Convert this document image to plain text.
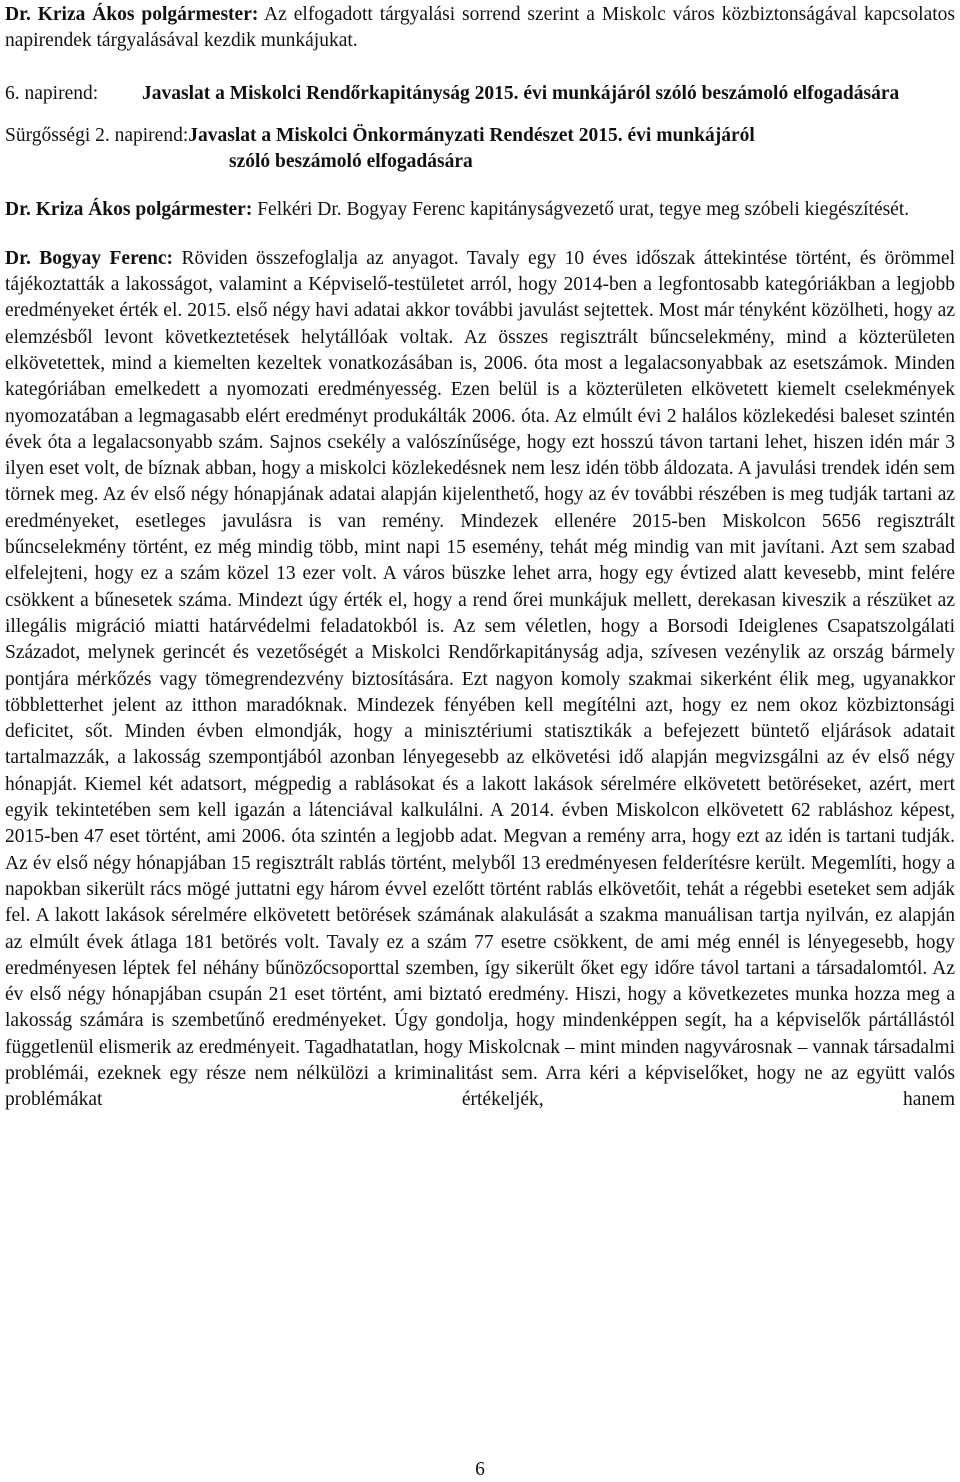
Dr. Kriza Ákos polgármester: Az elfogadott tárgyalási sorrend szerint a Miskolc város közbiztonságával kapcsolatos napirendek tárgyalásával kezdik munkájukat.

6. napirend:	Javaslat a Miskolci Rendőrkapitányság 2015. évi munkájáról szóló beszámoló elfogadására
Sürgősségi 2. napirend:Javaslat a Miskolci Önkormányzati Rendészet 2015. évi munkájáról
szóló beszámoló elfogadására

Dr. Kriza Ákos polgármester: Felkéri Dr. Bogyay Ferenc kapitányságvezető urat, tegye meg szóbeli kiegészítését.

Dr. Bogyay Ferenc: Röviden összefoglalja az anyagot. Tavaly egy 10 éves időszak áttekintése történt, és örömmel tájékoztatták a lakosságot, valamint a Képviselő-testületet arról, hogy 2014-ben a legfontosabb kategóriákban a legjobb eredményeket érték el. 2015. első négy havi adatai akkor további javulást sejtettek. Most már tényként közölheti, hogy az elemzésből levont következtetések helytállóak voltak. Az összes regisztrált bűncselekmény, mind a közterületen elkövetettek, mind a kiemelten kezeltek vonatkozásában is, 2006. óta most a legalacsonyabbak az esetszámok. Minden kategóriában emelkedett a nyomozati eredményesség. Ezen belül is a közterületen elkövetett kiemelt cselekmények nyomozatában a legmagasabb elért eredményt produkálták 2006. óta. Az elmúlt évi 2 halálos közlekedési baleset szintén évek óta a legalacsonyabb szám. Sajnos csekély a valószínűsége, hogy ezt hosszú távon tartani lehet, hiszen idén már 3 ilyen eset volt, de bíznak abban, hogy a miskolci közlekedésnek nem lesz idén több áldozata. A javulási trendek idén sem törnek meg. Az év első négy hónapjának adatai alapján kijelenthető, hogy az év további részében is meg tudják tartani az eredményeket, esetleges javulásra is van remény. Mindezek ellenére 2015-ben Miskolcon 5656 regisztrált bűncselekmény történt, ez még mindig több, mint napi 15 esemény, tehát még mindig van mit javítani. Azt sem szabad elfelejteni, hogy ez a szám közel 13 ezer volt. A város büszke lehet arra, hogy egy évtized alatt kevesebb, mint felére csökkent a bűnesetek száma. Mindezt úgy érték el, hogy a rend őrei munkájuk mellett, derekasan kiveszik a részüket az illegális migráció miatti határvédelmi feladatokból is. Az sem véletlen, hogy a Borsodi Ideiglenes Csapatszolgálati Századot, melynek gerincét és vezetőségét a Miskolci Rendőrkapitányság adja, szívesen vezénylik az ország bármely pontjára mérkőzés vagy tömegrendezvény biztosítására. Ezt nagyon komoly szakmai sikerként élik meg, ugyanakkor többletterhet jelent az itthon maradóknak. Mindezek fényében kell megítélni azt, hogy ez nem okoz közbiztonsági deficitet, sőt. Minden évben elmondják, hogy a minisztériumi statisztikák a befejezett büntető eljárások adatait tartalmazzák, a lakosság szempontjából azonban lényegesebb az elkövetési idő alapján megvizsgálni az év első négy hónapját. Kiemel két adatsort, mégpedig a rablásokat és a lakott lakások sérelmére elkövetett betöréseket, azért, mert egyik tekintetében sem kell igazán a látenciával kalkulálni. A 2014. évben Miskolcon elkövetett 62 rabláshoz képest, 2015-ben 47 eset történt, ami 2006. óta szintén a legjobb adat. Megvan a remény arra, hogy ezt az idén is tartani tudják. Az év első négy hónapjában 15 regisztrált rablás történt, melyből 13 eredményesen felderítésre került. Megemlíti, hogy a napokban sikerült rács mögé juttatni egy három évvel ezelőtt történt rablás elkövetőit, tehát a régebbi eseteket sem adják fel. A lakott lakások sérelmére elkövetett betörések számának alakulását a szakma manuálisan tartja nyilván, ez alapján az elmúlt évek átlaga 181 betörés volt. Tavaly ez a szám 77 esetre csökkent, de ami még ennél is lényegesebb, hogy eredményesen léptek fel néhány bűnözőcsoporttal szemben, így sikerült őket egy időre távol tartani a társadalomtól. Az év első négy hónapjában csupán 21 eset történt, ami biztató eredmény. Hiszi, hogy a következetes munka hozza meg a lakosság számára is szembetűnő eredményeket. Úgy gondolja, hogy mindenképpen segít, ha a képviselők pártállástól függetlenül elismerik az eredményeit. Tagadhatatlan, hogy Miskolcnak – mint minden nagyvárosnak – vannak társadalmi problémái, ezeknek egy része nem nélkülözi a kriminalitást sem. Arra kéri a képviselőket, hogy ne az együtt valós problémákat értékeljék, hanem

6
